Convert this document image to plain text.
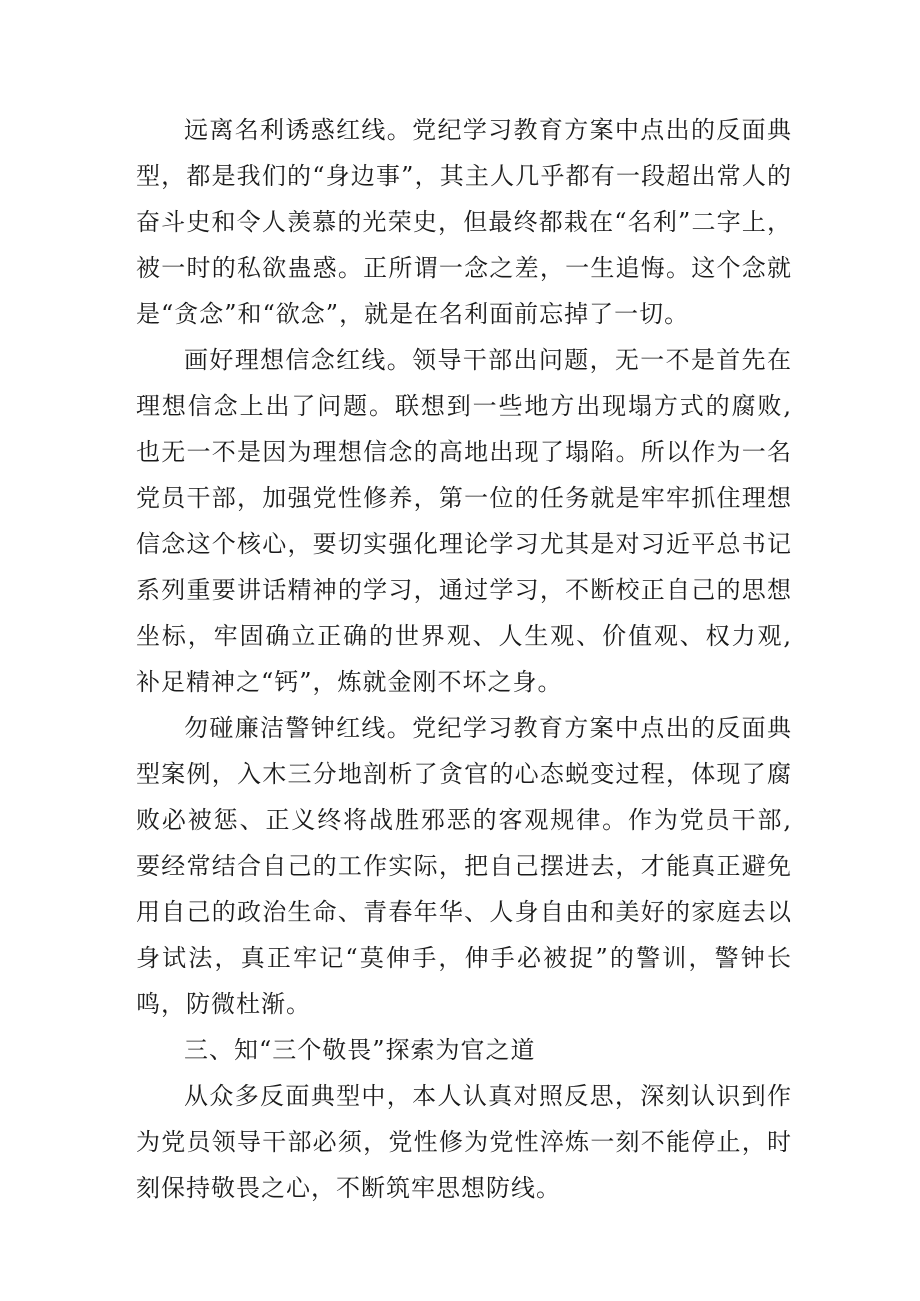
远离名利诱惑红线。党纪学习教育方案中点出的反面典型，都是我们的“身边事”，其主人几乎都有一段超出常人的奋斗史和令人羡慕的光荣史，但最终都栽在“名利”二字上，被一时的私欲蛊惑。正所谓一念之差，一生追悔。这个念就是“贪念”和“欲念”，就是在名利面前忘掉了一切。

画好理想信念红线。领导干部出问题，无一不是首先在理想信念上出了问题。联想到一些地方出现塌方式的腐败,也无一不是因为理想信念的高地出现了塌陷。所以作为一名党员干部，加强党性修养，第一位的任务就是牢牢抓住理想信念这个核心，要切实强化理论学习尤其是对习近平总书记系列重要讲话精神的学习，通过学习，不断校正自己的思想坐标，牢固确立正确的世界观、人生观、价值观、权力观,补足精神之“钙”，炼就金刚不坏之身。

勿碰廉洁警钟红线。党纪学习教育方案中点出的反面典型案例，入木三分地剖析了贪官的心态蜕变过程，体现了腐败必被惩、正义终将战胜邪恶的客观规律。作为党员干部,要经常结合自己的工作实际，把自己摆进去，才能真正避免用自己的政治生命、青春年华、人身自由和美好的家庭去以身试法，真正牢记“莫伸手，伸手必被捉”的警训，警钟长鸣，防微杜渐。

三、知“三个敬畏”探索为官之道

从众多反面典型中，本人认真对照反思，深刻认识到作为党员领导干部必须，党性修为党性淬炼一刻不能停止，时刻保持敬畏之心，不断筑牢思想防线。
